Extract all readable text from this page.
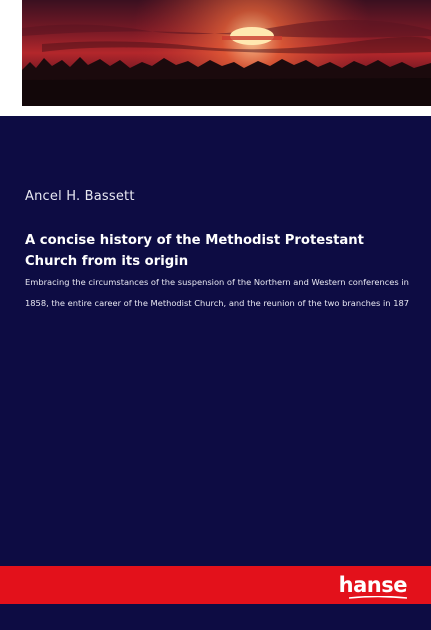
Ancel H. Bassett
A concise history of the Methodist Protestant Church from its origin
Embracing the circumstances of the suspension of the Northern and Western conferences in 1858, the entire career of the Methodist Church, and the reunion of the two branches in 187
hanse
